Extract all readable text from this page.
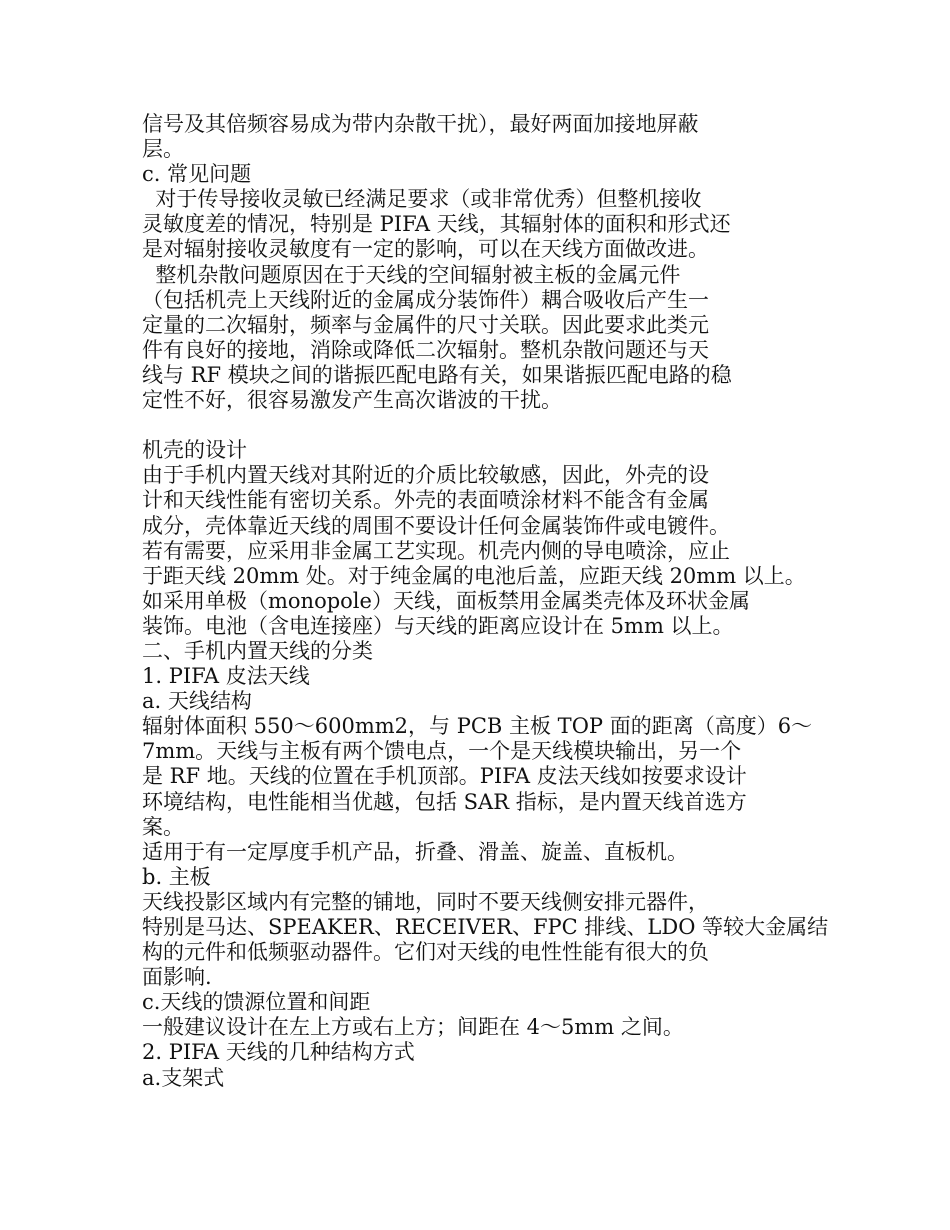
信号及其倍频容易成为带内杂散干扰），最好两面加接地屏蔽
层。
c. 常见问题
对于传导接收灵敏已经满足要求（或非常优秀）但整机接收
灵敏度差的情况，特别是 PIFA 天线，其辐射体的面积和形式还
是对辐射接收灵敏度有一定的影响，可以在天线方面做改进。
整机杂散问题原因在于天线的空间辐射被主板的金属元件
（包括机壳上天线附近的金属成分装饰件）耦合吸收后产生一
定量的二次辐射，频率与金属件的尺寸关联。因此要求此类元
件有良好的接地，消除或降低二次辐射。整机杂散问题还与天
线与 RF 模块之间的谐振匹配电路有关，如果谐振匹配电路的稳
定性不好，很容易激发产生高次谐波的干扰。
机壳的设计
由于手机内置天线对其附近的介质比较敏感，因此，外壳的设
计和天线性能有密切关系。外壳的表面喷涂材料不能含有金属
成分，壳体靠近天线的周围不要设计任何金属装饰件或电镀件。
若有需要，应采用非金属工艺实现。机壳内侧的导电喷涂，应止
于距天线 20mm 处。对于纯金属的电池后盖，应距天线 20mm 以上。
如采用单极（monopole）天线，面板禁用金属类壳体及环状金属
装饰。电池（含电连接座）与天线的距离应设计在 5mm 以上。
二、手机内置天线的分类
1. PIFA 皮法天线
a. 天线结构
辐射体面积 550～600mm2，与 PCB 主板 TOP 面的距离（高度）6～
7mm。天线与主板有两个馈电点，一个是天线模块输出，另一个
是 RF 地。天线的位置在手机顶部。PIFA 皮法天线如按要求设计
环境结构，电性能相当优越，包括 SAR 指标，是内置天线首选方
案。
适用于有一定厚度手机产品，折叠、滑盖、旋盖、直板机。
b. 主板
天线投影区域内有完整的铺地，同时不要天线侧安排元器件，
特别是马达、SPEAKER、RECEIVER、FPC 排线、LDO 等较大金属结
构的元件和低频驱动器件。它们对天线的电性性能有很大的负
面影响.
c.天线的馈源位置和间距
一般建议设计在左上方或右上方；间距在 4～5mm 之间。
2. PIFA 天线的几种结构方式
a.支架式
